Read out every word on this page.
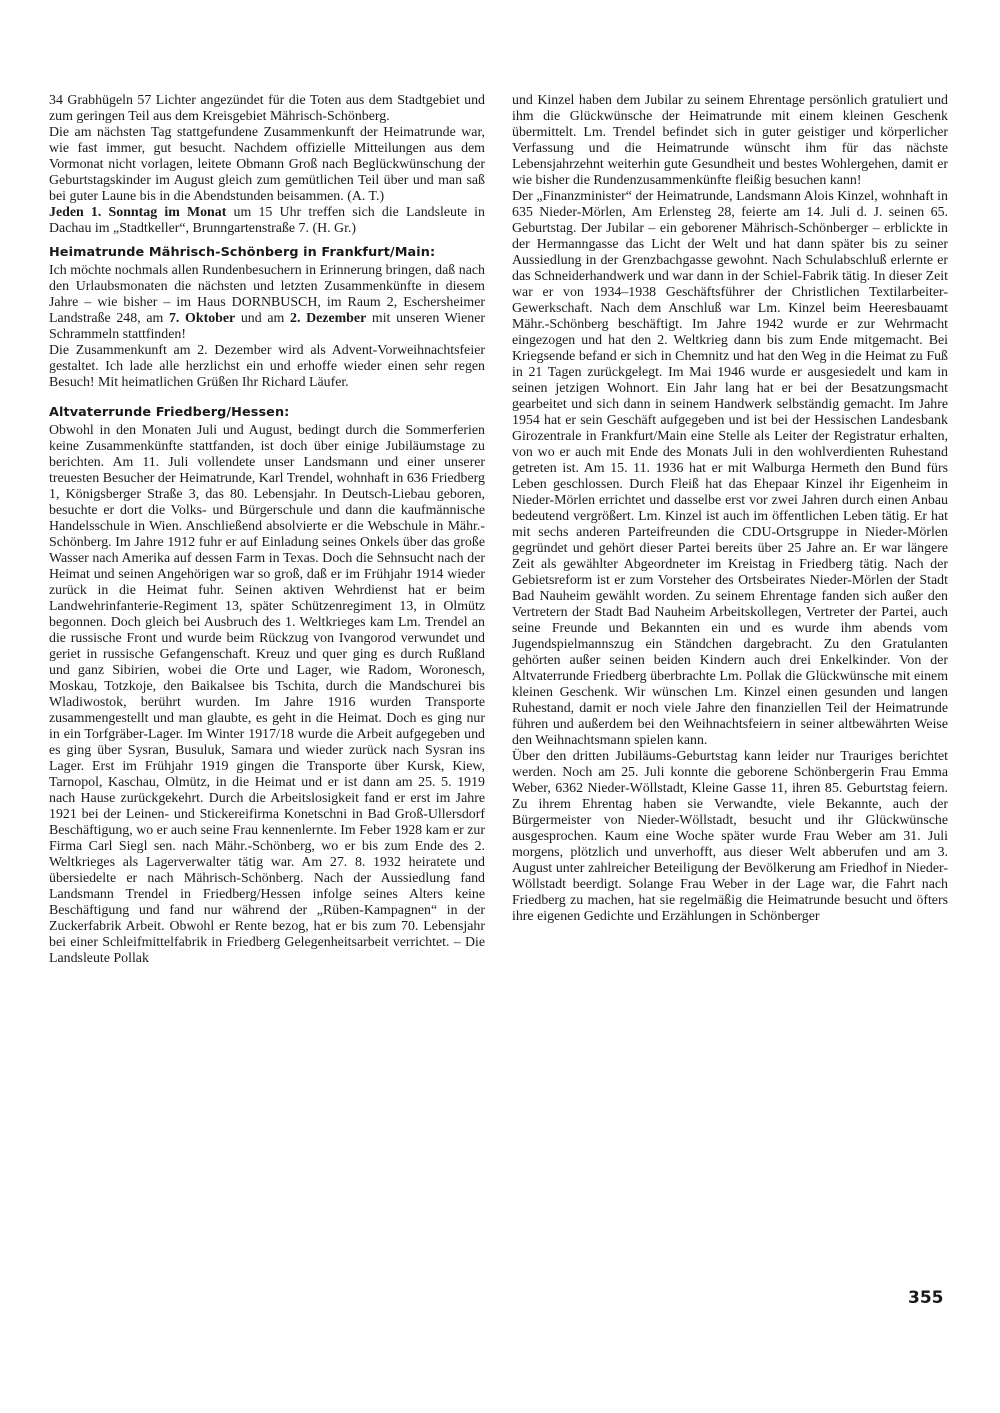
34 Grabhügeln 57 Lichter angezündet für die Toten aus dem Stadtgebiet und zum geringen Teil aus dem Kreisgebiet Mährisch-Schönberg.

Die am nächsten Tag stattgefundene Zusammenkunft der Heimatrunde war, wie fast immer, gut besucht. Nachdem offizielle Mitteilungen aus dem Vormonat nicht vorlagen, leitete Obmann Groß nach Beglückwünschung der Geburtstagskinder im August gleich zum gemütlichen Teil über und man saß bei guter Laune bis in die Abendstunden beisammen. (A. T.)

Jeden 1. Sonntag im Monat um 15 Uhr treffen sich die Landsleute in Dachau im „Stadtkeller“, Brunngartenstraße 7. (H. Gr.)

Heimatrunde Mährisch-Schönberg in Frankfurt/Main:

Ich möchte nochmals allen Rundenbesuchern in Erinnerung bringen, daß nach den Urlaubsmonaten die nächsten und letzten Zusammenkünfte in diesem Jahre – wie bisher – im Haus DORNBUSCH, im Raum 2, Eschersheimer Landstraße 248, am 7. Oktober und am 2. Dezember mit unseren Wiener Schrammeln stattfinden!

Die Zusammenkunft am 2. Dezember wird als Advent-Vorweihnachtsfeier gestaltet. Ich lade alle herzlichst ein und erhoffe wieder einen sehr regen Besuch! Mit heimatlichen Grüßen Ihr Richard Läufer.

Altvaterrunde Friedberg/Hessen:

Obwohl in den Monaten Juli und August, bedingt durch die Sommerferien keine Zusammenkünfte stattfanden, ist doch über einige Jubiläumstage zu berichten. Am 11. Juli vollendete unser Landsmann und einer unserer treuesten Besucher der Heimatrunde, Karl Trendel, wohnhaft in 636 Friedberg 1, Königsberger Straße 3, das 80. Lebensjahr. In Deutsch-Liebau geboren, besuchte er dort die Volks- und Bürgerschule und dann die kaufmännische Handelsschule in Wien. Anschließend absolvierte er die Webschule in Mähr.-Schönberg. Im Jahre 1912 fuhr er auf Einladung seines Onkels über das große Wasser nach Amerika auf dessen Farm in Texas. Doch die Sehnsucht nach der Heimat und seinen Angehörigen war so groß, daß er im Frühjahr 1914 wieder zurück in die Heimat fuhr. Seinen aktiven Wehrdienst hat er beim Landwehrinfanterie-Regiment 13, später Schützenregiment 13, in Olmütz begonnen. Doch gleich bei Ausbruch des 1. Weltkrieges kam Lm. Trendel an die russische Front und wurde beim Rückzug von Ivangorod verwundet und geriet in russische Gefangenschaft. Kreuz und quer ging es durch Rußland und ganz Sibirien, wobei die Orte und Lager, wie Radom, Woronesch, Moskau, Totzkoje, den Baikalsee bis Tschita, durch die Mandschurei bis Wladiwostok, berührt wurden. Im Jahre 1916 wurden Transporte zusammengestellt und man glaubte, es geht in die Heimat. Doch es ging nur in ein Torfgräber-Lager. Im Winter 1917/18 wurde die Arbeit aufgegeben und es ging über Sysran, Busuluk, Samara und wieder zurück nach Sysran ins Lager. Erst im Frühjahr 1919 gingen die Transporte über Kursk, Kiew, Tarnopol, Kaschau, Olmütz, in die Heimat und er ist dann am 25. 5. 1919 nach Hause zurückgekehrt. Durch die Arbeitslosigkeit fand er erst im Jahre 1921 bei der Leinen- und Stickereifirma Konetschni in Bad Groß-Ullersdorf Beschäftigung, wo er auch seine Frau kennenlernte. Im Feber 1928 kam er zur Firma Carl Siegl sen. nach Mähr.-Schönberg, wo er bis zum Ende des 2. Weltkrieges als Lagerverwalter tätig war. Am 27. 8. 1932 heiratete und übersiedelte er nach Mährisch-Schönberg. Nach der Aussiedlung fand Landsmann Trendel in Friedberg/Hessen infolge seines Alters keine Beschäftigung und fand nur während der „Rüben-Kampagnen“ in der Zuckerfabrik Arbeit. Obwohl er Rente bezog, hat er bis zum 70. Lebensjahr bei einer Schleifmittelfabrik in Friedberg Gelegenheitsarbeit verrichtet. – Die Landsleute Pollak

und Kinzel haben dem Jubilar zu seinem Ehrentage persönlich gratuliert und ihm die Glückwünsche der Heimatrunde mit einem kleinen Geschenk übermittelt. Lm. Trendel befindet sich in guter geistiger und körperlicher Verfassung und die Heimatrunde wünscht ihm für das nächste Lebensjahrzehnt weiterhin gute Gesundheit und bestes Wohlergehen, damit er wie bisher die Rundenzusammenkünfte fleißig besuchen kann!

Der „Finanzminister“ der Heimatrunde, Landsmann Alois Kinzel, wohnhaft in 635 Nieder-Mörlen, Am Erlensteg 28, feierte am 14. Juli d. J. seinen 65. Geburtstag. Der Jubilar – ein geborener Mährisch-Schönberger – erblickte in der Hermanngasse das Licht der Welt und hat dann später bis zu seiner Aussiedlung in der Grenzbachgasse gewohnt. Nach Schulabschluß erlernte er das Schneiderhandwerk und war dann in der Schiel-Fabrik tätig. In dieser Zeit war er von 1934–1938 Geschäftsführer der Christlichen Textilarbeiter-Gewerkschaft. Nach dem Anschluß war Lm. Kinzel beim Heeresbauamt Mähr.-Schönberg beschäftigt. Im Jahre 1942 wurde er zur Wehrmacht eingezogen und hat den 2. Weltkrieg dann bis zum Ende mitgemacht. Bei Kriegsende befand er sich in Chemnitz und hat den Weg in die Heimat zu Fuß in 21 Tagen zurückgelegt. Im Mai 1946 wurde er ausgesiedelt und kam in seinen jetzigen Wohnort. Ein Jahr lang hat er bei der Besatzungsmacht gearbeitet und sich dann in seinem Handwerk selbständig gemacht. Im Jahre 1954 hat er sein Geschäft aufgegeben und ist bei der Hessischen Landesbank Girozentrale in Frankfurt/Main eine Stelle als Leiter der Registratur erhalten, von wo er auch mit Ende des Monats Juli in den wohlverdienten Ruhestand getreten ist. Am 15. 11. 1936 hat er mit Walburga Hermeth den Bund fürs Leben geschlossen. Durch Fleiß hat das Ehepaar Kinzel ihr Eigenheim in Nieder-Mörlen errichtet und dasselbe erst vor zwei Jahren durch einen Anbau bedeutend vergrößert. Lm. Kinzel ist auch im öffentlichen Leben tätig. Er hat mit sechs anderen Parteifreunden die CDU-Ortsgruppe in Nieder-Mörlen gegründet und gehört dieser Partei bereits über 25 Jahre an. Er war längere Zeit als gewählter Abgeordneter im Kreistag in Friedberg tätig. Nach der Gebietsreform ist er zum Vorsteher des Ortsbeirates Nieder-Mörlen der Stadt Bad Nauheim gewählt worden. Zu seinem Ehrentage fanden sich außer den Vertretern der Stadt Bad Nauheim Arbeitskollegen, Vertreter der Partei, auch seine Freunde und Bekannten ein und es wurde ihm abends vom Jugendspielmannszug ein Ständchen dargebracht. Zu den Gratulanten gehörten außer seinen beiden Kindern auch drei Enkelkinder. Von der Altvaterrunde Friedberg überbrachte Lm. Pollak die Glückwünsche mit einem kleinen Geschenk. Wir wünschen Lm. Kinzel einen gesunden und langen Ruhestand, damit er noch viele Jahre den finanziellen Teil der Heimatrunde führen und außerdem bei den Weihnachtsfeiern in seiner altbewährten Weise den Weihnachtsmann spielen kann.

Über den dritten Jubiläums-Geburtstag kann leider nur Trauriges berichtet werden. Noch am 25. Juli konnte die geborene Schönbergerin Frau Emma Weber, 6362 Nieder-Wöllstadt, Kleine Gasse 11, ihren 85. Geburtstag feiern. Zu ihrem Ehrentag haben sie Verwandte, viele Bekannte, auch der Bürgermeister von Nieder-Wöllstadt, besucht und ihr Glückwünsche ausgesprochen. Kaum eine Woche später wurde Frau Weber am 31. Juli morgens, plötzlich und unverhofft, aus dieser Welt abberufen und am 3. August unter zahlreicher Beteiligung der Bevölkerung am Friedhof in Nieder-Wöllstadt beerdigt. Solange Frau Weber in der Lage war, die Fahrt nach Friedberg zu machen, hat sie regelmäßig die Heimatrunde besucht und öfters ihre eigenen Gedichte und Erzählungen in Schönberger

355
